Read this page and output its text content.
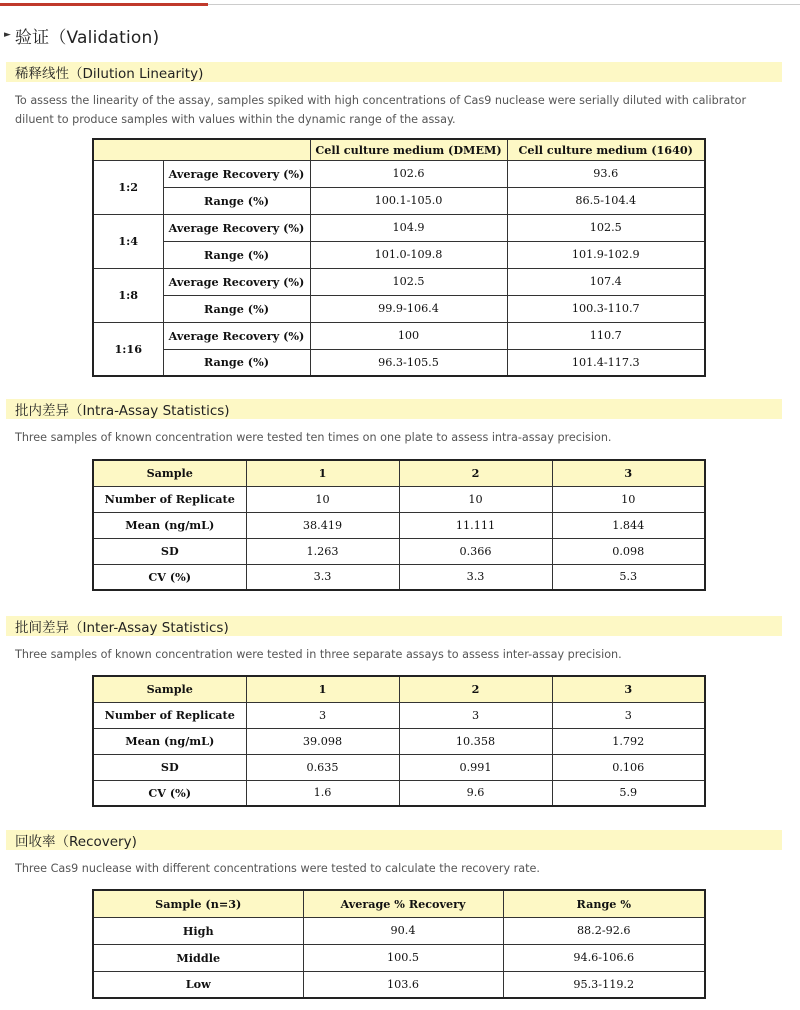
► 验证（Validation)
稀释线性（Dilution Linearity)
To assess the linearity of the assay, samples spiked with high concentrations of Cas9 nuclease were serially diluted with calibrator diluent to produce samples with values within the dynamic range of the assay.
		Cell culture medium (DMEM)	Cell culture medium (1640)
1:2	Average Recovery (%)	102.6	93.6
	Range (%)	100.1-105.0	86.5-104.4
1:4	Average Recovery (%)	104.9	102.5
	Range (%)	101.0-109.8	101.9-102.9
1:8	Average Recovery (%)	102.5	107.4
	Range (%)	99.9-106.4	100.3-110.7
1:16	Average Recovery (%)	100	110.7
	Range (%)	96.3-105.5	101.4-117.3
批内差异（Intra-Assay Statistics)
Three samples of known concentration were tested ten times on one plate to assess intra-assay precision.
Sample	1	2	3
Number of Replicate	10	10	10
Mean (ng/mL)	38.419	11.111	1.844
SD	1.263	0.366	0.098
CV (%)	3.3	3.3	5.3
批间差异（Inter-Assay Statistics)
Three samples of known concentration were tested in three separate assays to assess inter-assay precision.
Sample	1	2	3
Number of Replicate	3	3	3
Mean (ng/mL)	39.098	10.358	1.792
SD	0.635	0.991	0.106
CV (%)	1.6	9.6	5.9
回收率（Recovery)
Three Cas9 nuclease with different concentrations were tested to calculate the recovery rate.
Sample (n=3)	Average % Recovery	Range %
High	90.4	88.2-92.6
Middle	100.5	94.6-106.6
Low	103.6	95.3-119.2
